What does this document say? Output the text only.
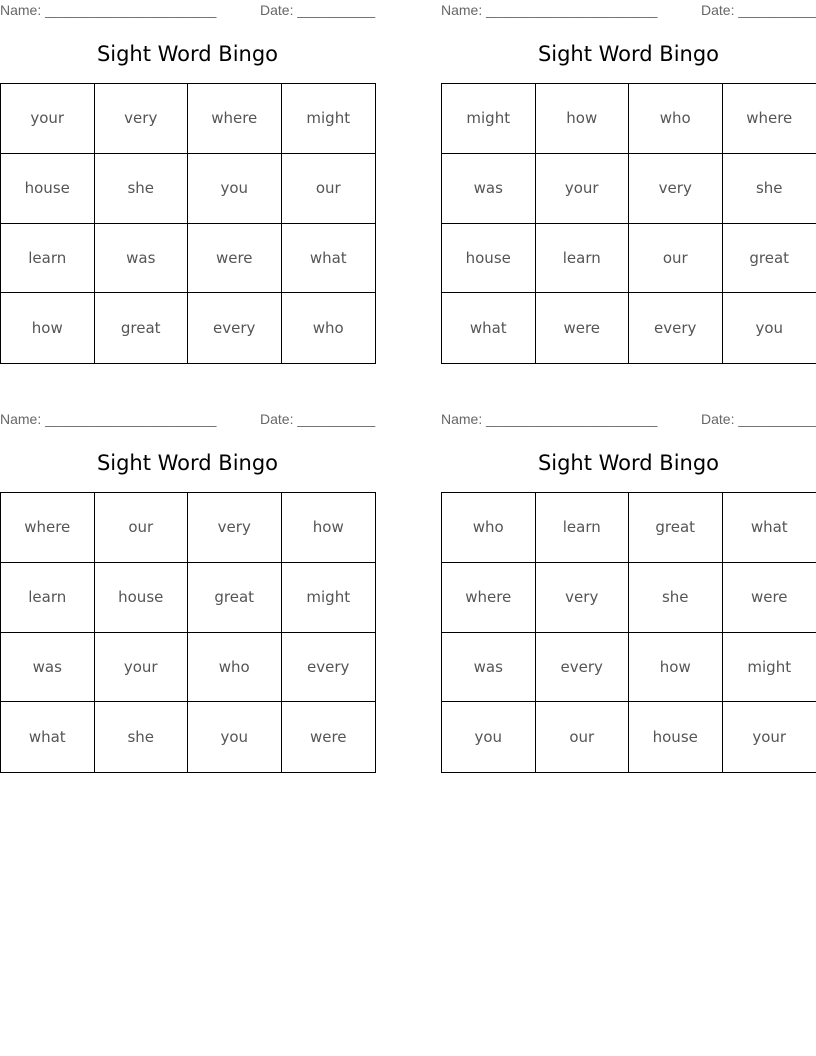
Name: ______________________	Date: __________
Sight Word Bingo
your	very	where	might
house	she	you	our
learn	was	were	what
how	great	every	who
Name: ______________________	Date: __________
Sight Word Bingo
might	how	who	where
was	your	very	she
house	learn	our	great
what	were	every	you
Name: ______________________	Date: __________
Sight Word Bingo
where	our	very	how
learn	house	great	might
was	your	who	every
what	she	you	were
Name: ______________________	Date: __________
Sight Word Bingo
who	learn	great	what
where	very	she	were
was	every	how	might
you	our	house	your
